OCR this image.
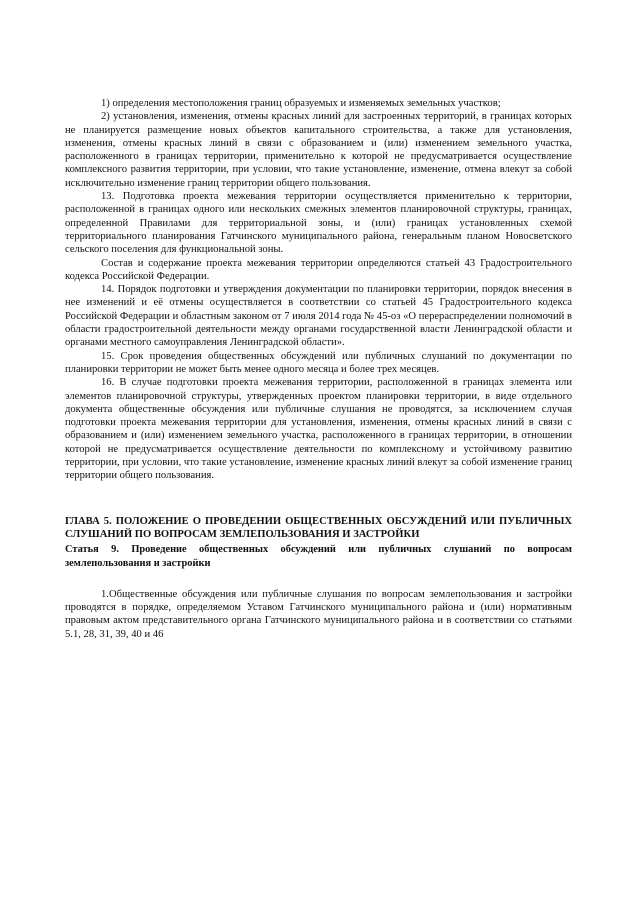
1) определения местоположения границ образуемых и изменяемых земельных участков;

2) установления, изменения, отмены красных линий для застроенных территорий, в границах которых не планируется размещение новых объектов капитального строительства, а также для установления, изменения, отмены красных линий в связи с образованием и (или) изменением земельного участка, расположенного в границах территории, применительно к которой не предусматривается осуществление комплексного развития территории, при условии, что такие установление, изменение, отмена влекут за собой исключительно изменение границ территории общего пользования.

13. Подготовка проекта межевания территории осуществляется применительно к территории, расположенной в границах одного или нескольких смежных элементов планировочной структуры, границах, определенной Правилами для территориальной зоны, и (или) границах установленных схемой территориального планирования Гатчинского муниципального района, генеральным планом Новосветского сельского поселения для функциональной зоны.

Состав и содержание проекта межевания территории определяются статьей 43 Градостроительного кодекса Российской Федерации.

14. Порядок подготовки и утверждения документации по планировки территории, порядок внесения в нее изменений и её отмены осуществляется в соответствии со статьей 45 Градостроительного кодекса Российской Федерации и областным законом от 7 июля 2014 года № 45-оз «О перераспределении полномочий в области градостроительной деятельности между органами государственной власти Ленинградской области и органами местного самоуправления Ленинградской области».

15. Срок проведения общественных обсуждений или публичных слушаний по документации по планировки территории не может быть менее одного месяца и более трех месяцев.

16. В случае подготовки проекта межевания территории, расположенной в границах элемента или элементов планировочной структуры, утвержденных проектом планировки территории, в виде отдельного документа общественные обсуждения или публичные слушания не проводятся, за исключением случая подготовки проекта межевания территории для установления, изменения, отмены красных линий в связи с образованием и (или) изменением земельного участка, расположенного в границах территории, в отношении которой не предусматривается осуществление деятельности по комплексному и устойчивому развитию территории, при условии, что такие установление, изменение красных линий влекут за собой изменение границ территории общего пользования.

ГЛАВА 5. ПОЛОЖЕНИЕ О ПРОВЕДЕНИИ ОБЩЕСТВЕННЫХ ОБСУЖДЕНИЙ ИЛИ ПУБЛИЧНЫХ СЛУШАНИЙ ПО ВОПРОСАМ ЗЕМЛЕПОЛЬЗОВАНИЯ И ЗАСТРОЙКИ
Статья 9. Проведение общественных обсуждений или публичных слушаний по вопросам землепользования и застройки

1.Общественные обсуждения или публичные слушания по вопросам землепользования и застройки проводятся в порядке, определяемом Уставом Гатчинского муниципального района и (или) нормативным правовым актом представительного органа Гатчинского муниципального района и в соответствии со статьями 5.1, 28, 31, 39, 40 и 46
